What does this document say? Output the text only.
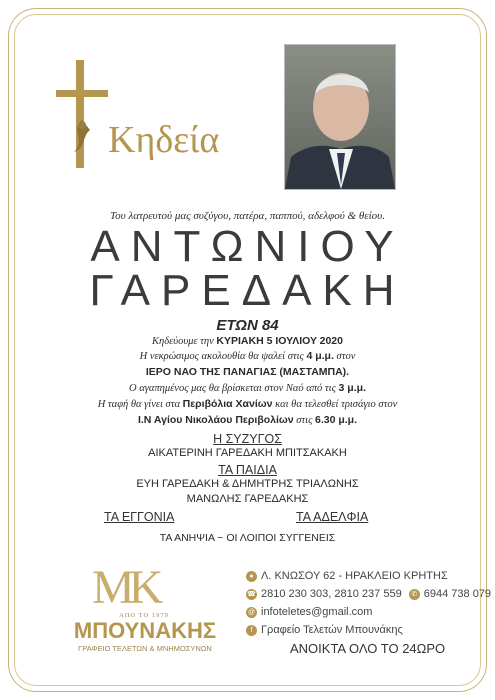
Κηδεία
Του λατρευτού μας συζύγου, πατέρα, παππού, αδελφού & θείου.
ΑΝΤΩΝΙΟΥ
ΓΑΡΕΔΑΚΗ
ΕΤΩΝ 84
Κηδεύουμε την ΚΥΡΙΑΚΗ 5 ΙΟΥΛΙΟΥ 2020
Η νεκρώσιμος ακολουθία θα ψαλεί στις 4 μ.μ. στον
ΙΕΡΟ ΝΑΟ ΤΗΣ ΠΑΝΑΓΙΑΣ (ΜΑΣΤΑΜΠΑ).
Ο αγαπημένος μας θα βρίσκεται στον Ναό από τις 3 μ.μ.
Η ταφή θα γίνει στα Περιβόλια Χανίων και θα τελεσθεί τρισάγιο στον
Ι.Ν Αγίου Νικολάου Περιβολίων στις 6.30 μ.μ.
Η ΣΥΖΥΓΟΣ
ΑΙΚΑΤΕΡΙΝΗ ΓΑΡΕΔΑΚΗ ΜΠΙΤΣΑΚΑΚΗ
ΤΑ ΠΑΙΔΙΑ
ΕΥΗ ΓΑΡΕΔΑΚΗ & ΔΗΜΗΤΡΗΣ ΤΡΙΑΛΩΝΗΣ
ΜΑΝΩΛΗΣ ΓΑΡΕΔΑΚΗΣ
ΤΑ ΕΓΓΟΝΙΑ	ΤΑ ΑΔΕΛΦΙΑ
ΤΑ ΑΝΗΨΙΑ ~ ΟΙ ΛΟΙΠΟΙ ΣΥΓΓΕΝΕΙΣ
MK
ΑΠΟ ΤΟ 1979
ΜΠΟΥΝΑΚΗΣ
ΓΡΑΦΕΙΟ ΤΕΛΕΤΩΝ & ΜΝΗΜΟΣΥΝΩΝ
● Λ. ΚΝΩΣΟΥ 62 - ΗΡΑΚΛΕΙΟ ΚΡΗΤΗΣ
☎ 2810 230 303, 2810 237 559 ✆ 6944 738 079
@ infoteletes@gmail.com
f Γραφείο Τελετών Μπουνάκης
ΑΝΟΙΚΤΑ ΟΛΟ ΤΟ 24ΩΡΟ
